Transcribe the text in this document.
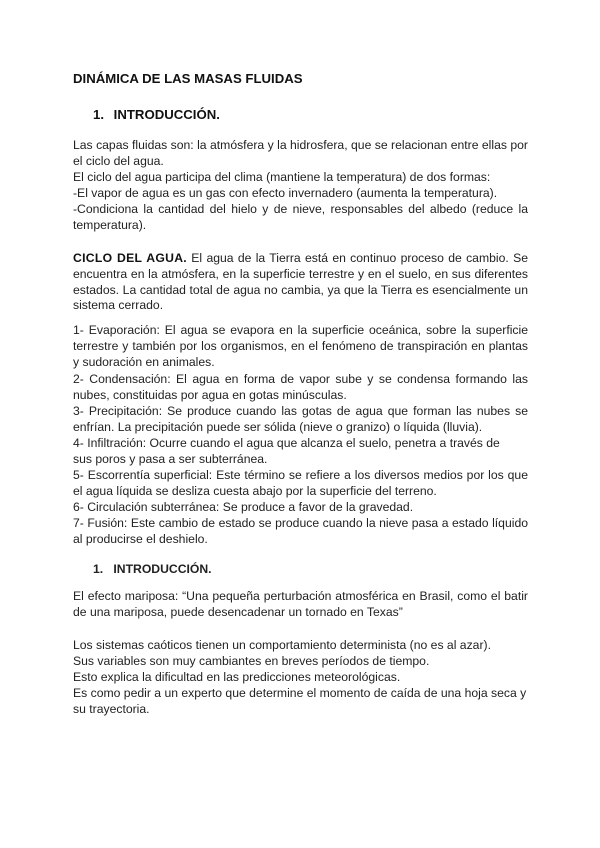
DINÁMICA DE LAS MASAS FLUIDAS
1. INTRODUCCIÓN.

Las capas fluidas son: la atmósfera y la hidrosfera, que se relacionan entre ellas por el ciclo del agua.

El ciclo del agua participa del clima (mantiene la temperatura) de dos formas:

-El vapor de agua es un gas con efecto invernadero (aumenta la temperatura).

-Condiciona la cantidad del hielo y de nieve, responsables del albedo (reduce la temperatura).

CICLO DEL AGUA. El agua de la Tierra está en continuo proceso de cambio. Se encuentra en la atmósfera, en la superficie terrestre y en el suelo, en sus diferentes estados. La cantidad total de agua no cambia, ya que la Tierra es esencialmente un sistema cerrado.

1- Evaporación: El agua se evapora en la superficie oceánica, sobre la superficie terrestre y también por los organismos, en el fenómeno de transpiración en plantas y sudoración en animales.

2- Condensación: El agua en forma de vapor sube y se condensa formando las nubes, constituidas por agua en gotas minúsculas.

3- Precipitación: Se produce cuando las gotas de agua que forman las nubes se enfrían. La precipitación puede ser sólida (nieve o granizo) o líquida (lluvia).

4- Infiltración: Ocurre cuando el agua que alcanza el suelo, penetra a través de
sus poros y pasa a ser subterránea.

5- Escorrentía superficial: Este término se refiere a los diversos medios por los que el agua líquida se desliza cuesta abajo por la superficie del terreno.

6- Circulación subterránea: Se produce a favor de la gravedad.

7- Fusión: Este cambio de estado se produce cuando la nieve pasa a estado líquido al producirse el deshielo.

1. INTRODUCCIÓN.

El efecto mariposa: “Una pequeña perturbación atmosférica en Brasil, como el batir de una mariposa, puede desencadenar un tornado en Texas”

Los sistemas caóticos tienen un comportamiento determinista (no es al azar).

Sus variables son muy cambiantes en breves períodos de tiempo.

Esto explica la dificultad en las predicciones meteorológicas.

Es como pedir a un experto que determine el momento de caída de una hoja seca y su trayectoria.
